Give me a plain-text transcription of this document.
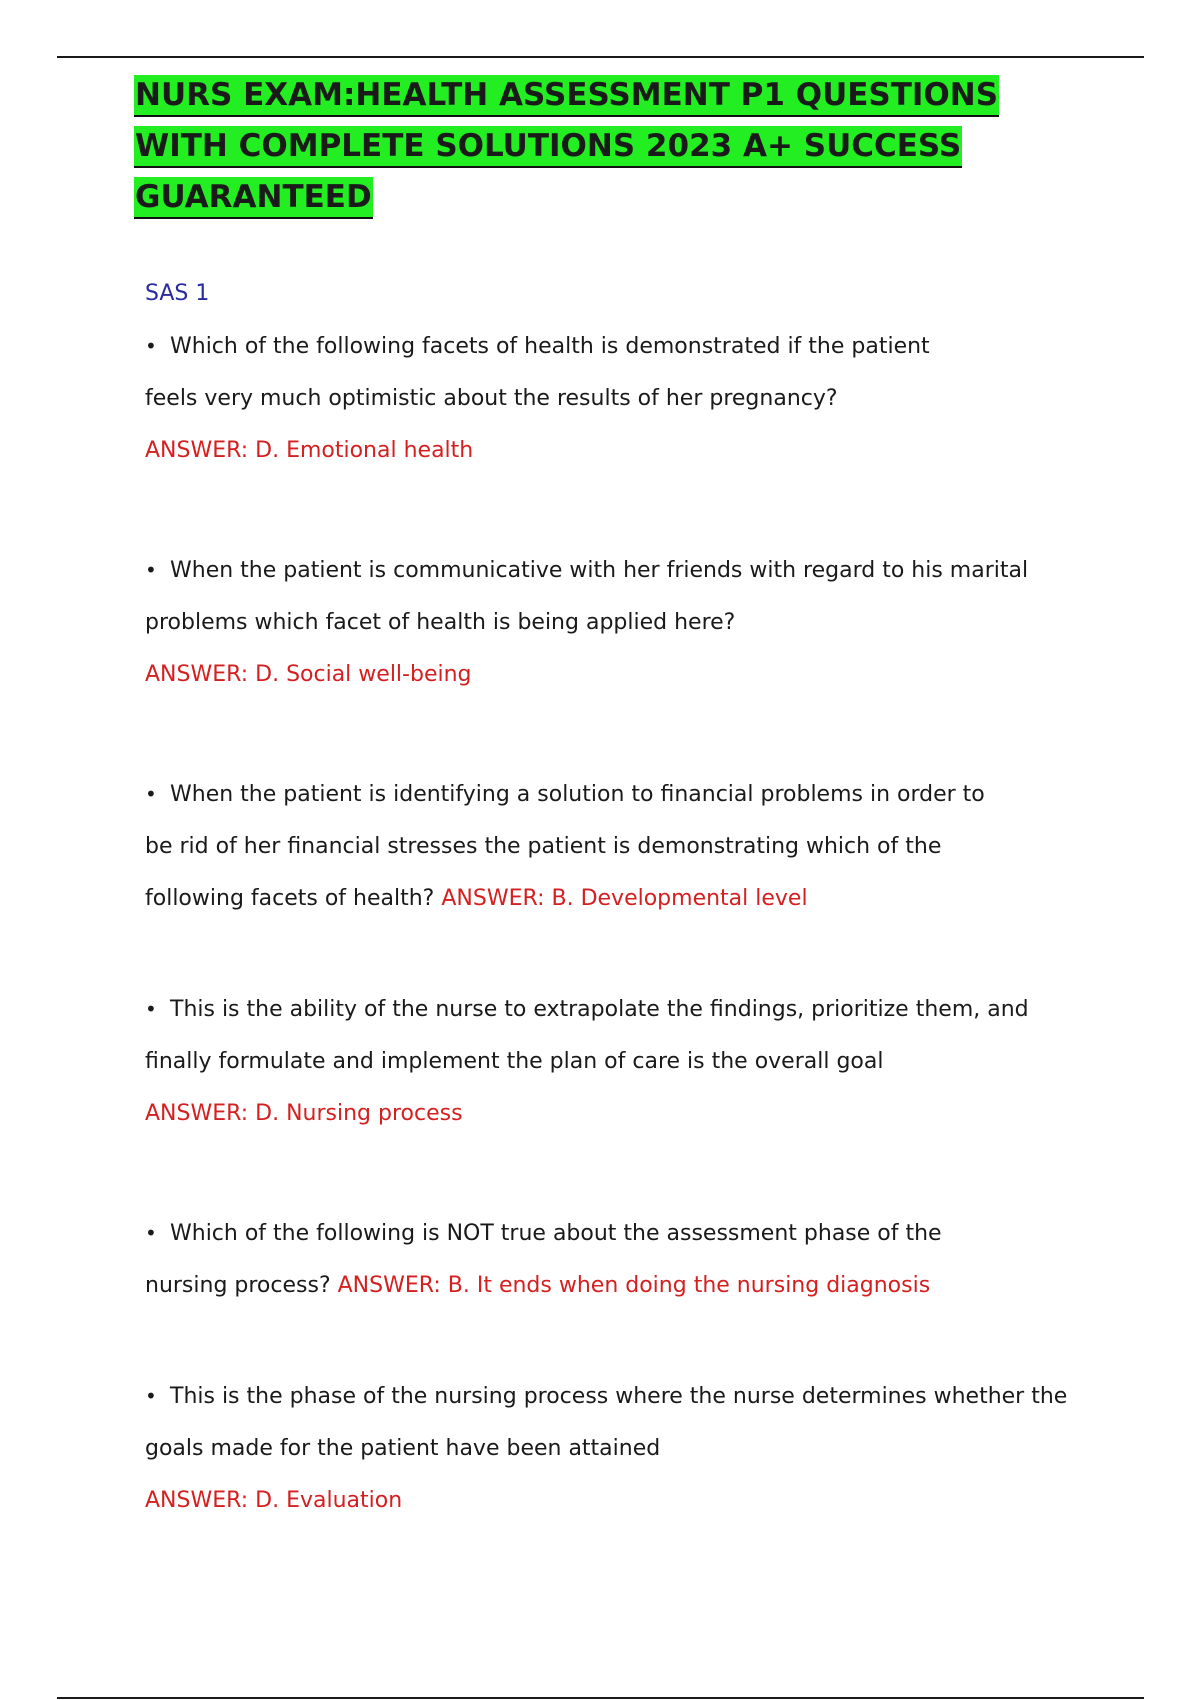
NURS EXAM:HEALTH ASSESSMENT P1 QUESTIONS
WITH COMPLETE SOLUTIONS 2023 A+ SUCCESS
GUARANTEED
SAS 1
• Which of the following facets of health is demonstrated if the patient
feels very much optimistic about the results of her pregnancy?
ANSWER: D. Emotional health
• When the patient is communicative with her friends with regard to his marital
problems which facet of health is being applied here?
ANSWER: D. Social well-being
• When the patient is identifying a solution to financial problems in order to
be rid of her financial stresses the patient is demonstrating which of the
following facets of health? ANSWER: B. Developmental level
• This is the ability of the nurse to extrapolate the findings, prioritize them, and
finally formulate and implement the plan of care is the overall goal
ANSWER: D. Nursing process
• Which of the following is NOT true about the assessment phase of the
nursing process? ANSWER: B. It ends when doing the nursing diagnosis
• This is the phase of the nursing process where the nurse determines whether the
goals made for the patient have been attained
ANSWER: D. Evaluation
